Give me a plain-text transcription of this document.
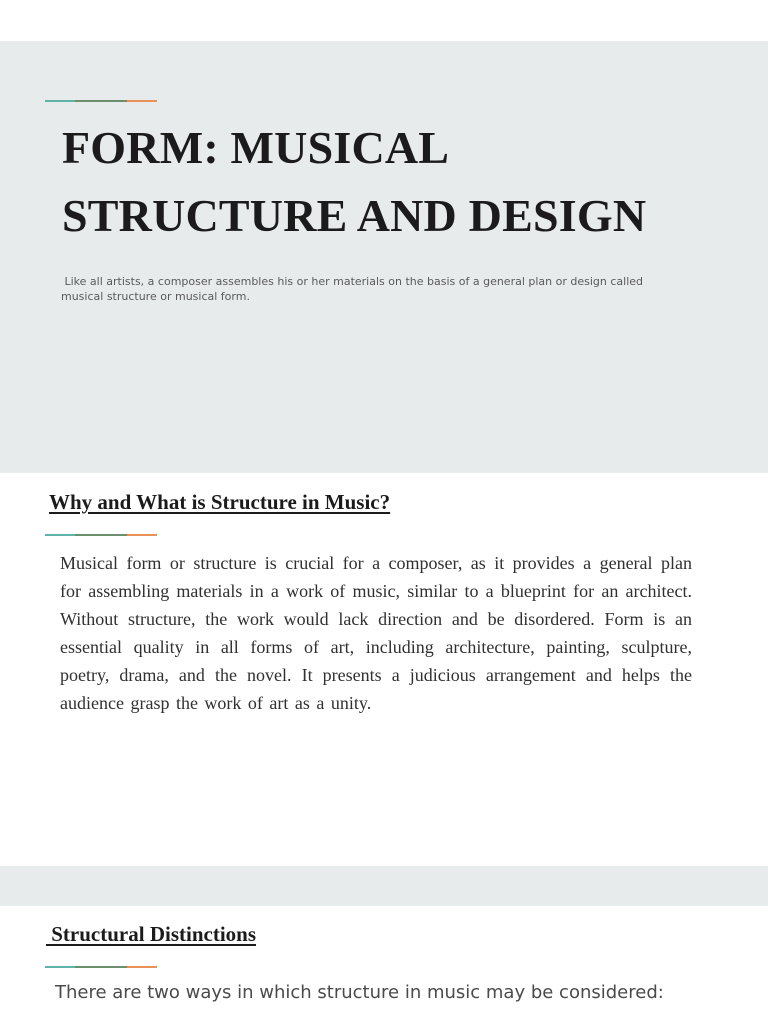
FORM: MUSICAL STRUCTURE AND DESIGN

Like all artists, a composer assembles his or her materials on the basis of a general plan or design called musical structure or musical form.

Why and What is Structure in Music?

Musical form or structure is crucial for a composer, as it provides a general plan for assembling materials in a work of music, similar to a blueprint for an architect. Without structure, the work would lack direction and be disordered. Form is an essential quality in all forms of art, including architecture, painting, sculpture, poetry, drama, and the novel. It presents a judicious arrangement and helps the audience grasp the work of art as a unity.

Structural Distinctions

There are two ways in which structure in music may be considered:
